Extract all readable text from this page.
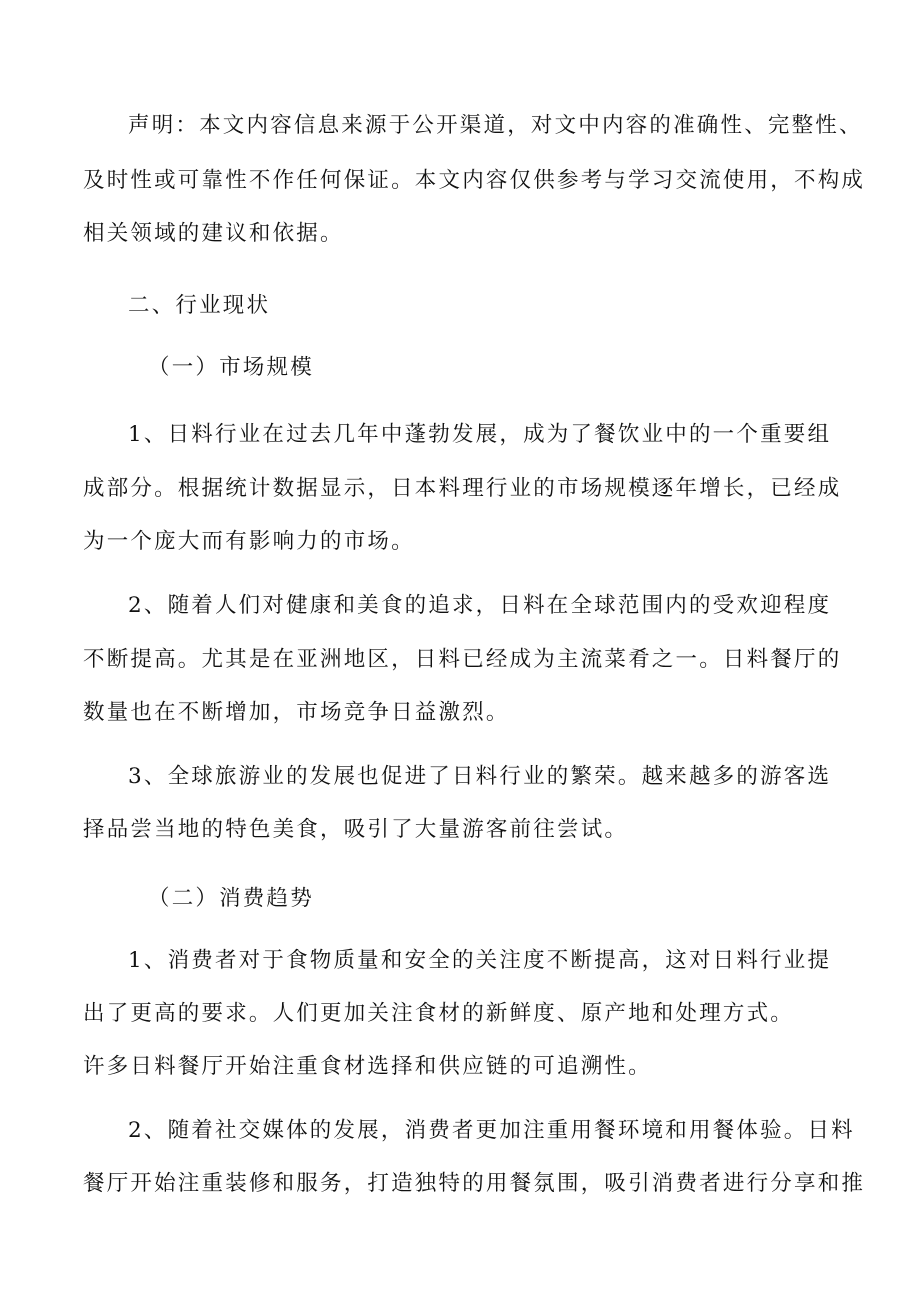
声明：本文内容信息来源于公开渠道，对文中内容的准确性、完整性、
及时性或可靠性不作任何保证。本文内容仅供参考与学习交流使用，不构成
相关领域的建议和依据。
二、行业现状
（一）市场规模
1、日料行业在过去几年中蓬勃发展，成为了餐饮业中的一个重要组
成部分。根据统计数据显示，日本料理行业的市场规模逐年增长，已经成
为一个庞大而有影响力的市场。
2、随着人们对健康和美食的追求，日料在全球范围内的受欢迎程度
不断提高。尤其是在亚洲地区，日料已经成为主流菜肴之一。日料餐厅的
数量也在不断增加，市场竞争日益激烈。
3、全球旅游业的发展也促进了日料行业的繁荣。越来越多的游客选
择品尝当地的特色美食，吸引了大量游客前往尝试。
（二）消费趋势
1、消费者对于食物质量和安全的关注度不断提高，这对日料行业提
出了更高的要求。人们更加关注食材的新鲜度、原产地和处理方式。
许多日料餐厅开始注重食材选择和供应链的可追溯性。
2、随着社交媒体的发展，消费者更加注重用餐环境和用餐体验。日料
餐厅开始注重装修和服务，打造独特的用餐氛围，吸引消费者进行分享和推
